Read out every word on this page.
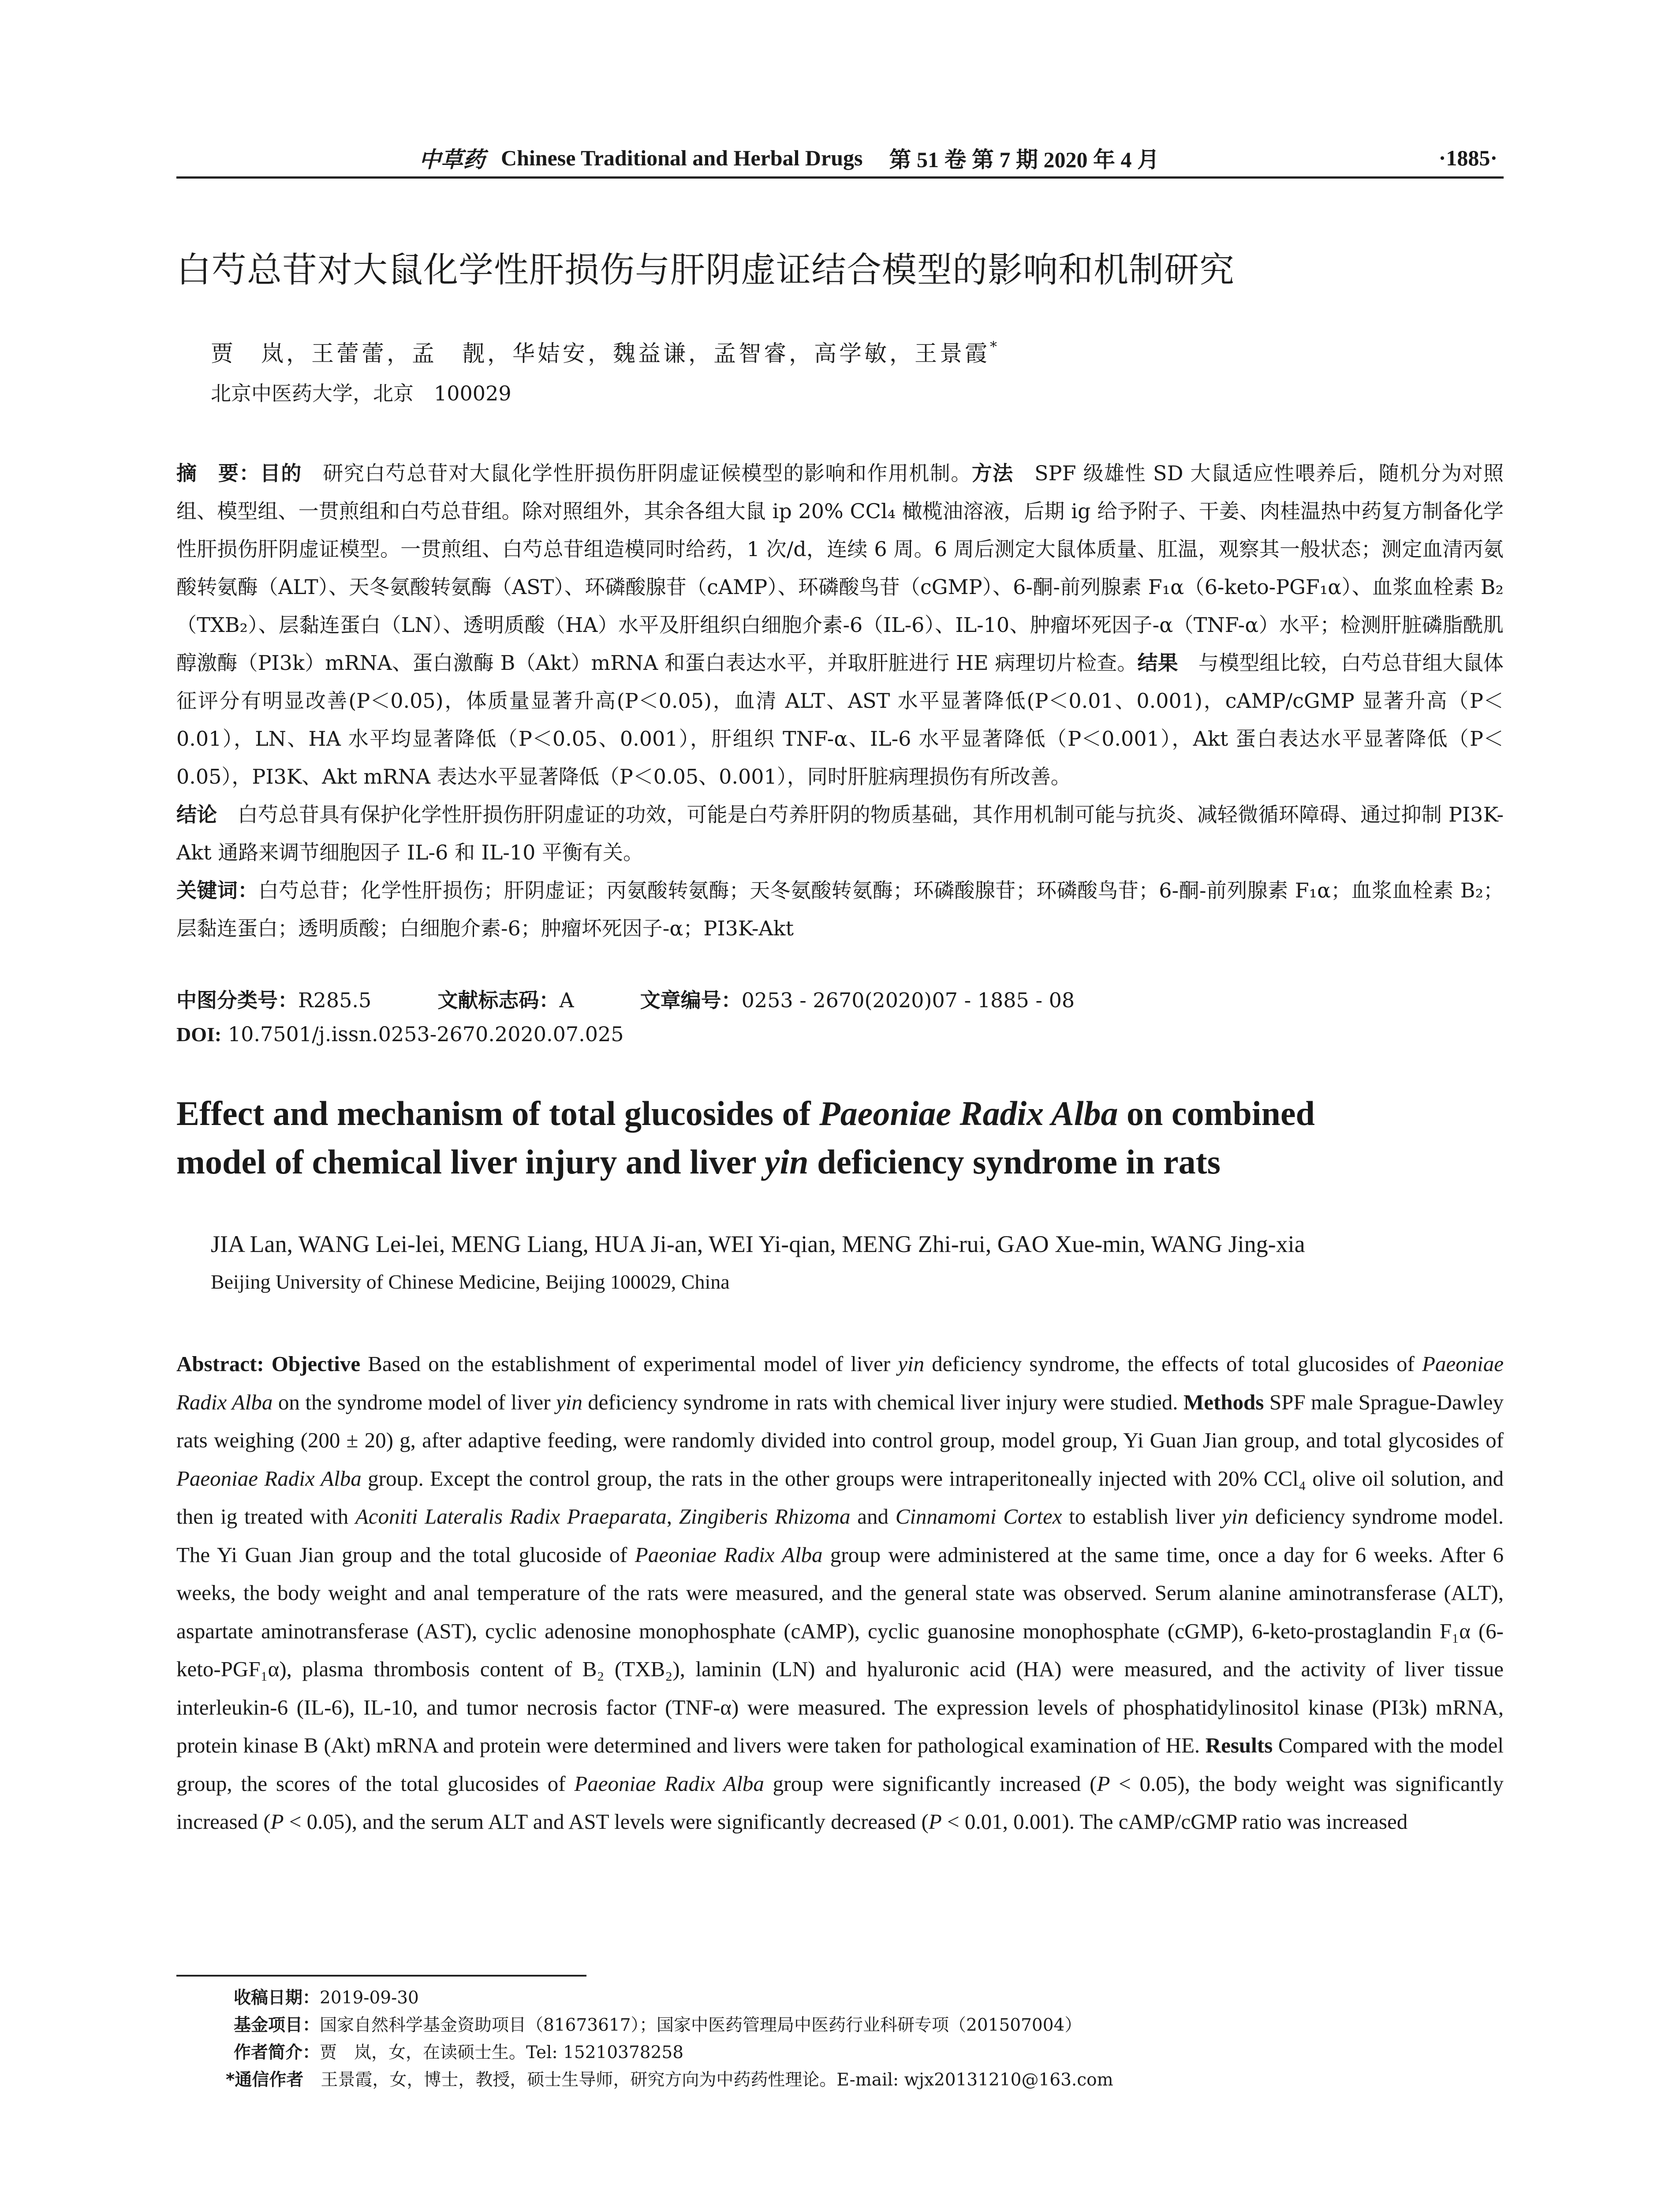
中草药 Chinese Traditional and Herbal Drugs 第 51 卷 第 7 期 2020 年 4 月	·1885·
白芍总苷对大鼠化学性肝损伤与肝阴虚证结合模型的影响和机制研究
贾　岚，王蕾蕾，孟　靓，华姞安，魏益谦，孟智睿，高学敏，王景霞*
北京中医药大学，北京　100029

摘　要：目的　研究白芍总苷对大鼠化学性肝损伤肝阴虚证候模型的影响和作用机制。方法　SPF 级雄性 SD 大鼠适应性喂养后，随机分为对照组、模型组、一贯煎组和白芍总苷组。除对照组外，其余各组大鼠 ip 20% CCl₄ 橄榄油溶液，后期 ig 给予附子、干姜、肉桂温热中药复方制备化学性肝损伤肝阴虚证模型。一贯煎组、白芍总苷组造模同时给药，1 次/d，连续 6 周。6 周后测定大鼠体质量、肛温，观察其一般状态；测定血清丙氨酸转氨酶（ALT）、天冬氨酸转氨酶（AST）、环磷酸腺苷（cAMP）、环磷酸鸟苷（cGMP）、6-酮-前列腺素 F₁α（6-keto-PGF₁α）、血浆血栓素 B₂（TXB₂）、层黏连蛋白（LN）、透明质酸（HA）水平及肝组织白细胞介素-6（IL-6）、IL-10、肿瘤坏死因子-α（TNF-α）水平；检测肝脏磷脂酰肌醇激酶（PI3k）mRNA、蛋白激酶 B（Akt）mRNA 和蛋白表达水平，并取肝脏进行 HE 病理切片检查。结果　与模型组比较，白芍总苷组大鼠体征评分有明显改善(P＜0.05)，体质量显著升高(P＜0.05)，血清 ALT、AST 水平显著降低(P＜0.01、0.001)，cAMP/cGMP 显著升高（P＜0.01），LN、HA 水平均显著降低（P＜0.05、0.001），肝组织 TNF-α、IL-6 水平显著降低（P＜0.001），Akt 蛋白表达水平显著降低（P＜0.05），PI3K、Akt mRNA 表达水平显著降低（P＜0.05、0.001），同时肝脏病理损伤有所改善。

结论　白芍总苷具有保护化学性肝损伤肝阴虚证的功效，可能是白芍养肝阴的物质基础，其作用机制可能与抗炎、减轻微循环障碍、通过抑制 PI3K-Akt 通路来调节细胞因子 IL-6 和 IL-10 平衡有关。

关键词：白芍总苷；化学性肝损伤；肝阴虚证；丙氨酸转氨酶；天冬氨酸转氨酶；环磷酸腺苷；环磷酸鸟苷；6-酮-前列腺素 F₁α；血浆血栓素 B₂；层黏连蛋白；透明质酸；白细胞介素-6；肿瘤坏死因子-α；PI3K-Akt

中图分类号：R285.5	文献标志码：A	文章编号：0253 - 2670(2020)07 - 1885 - 08
DOI: 10.7501/j.issn.0253-2670.2020.07.025

Effect and mechanism of total glucosides of Paeoniae Radix Alba on combined

model of chemical liver injury and liver yin deficiency syndrome in rats

JIA Lan, WANG Lei-lei, MENG Liang, HUA Ji-an, WEI Yi-qian, MENG Zhi-rui, GAO Xue-min, WANG Jing-xia
Beijing University of Chinese Medicine, Beijing 100029, China
Abstract: Objective Based on the establishment of experimental model of liver yin deficiency syndrome, the effects of total glucosides of Paeoniae Radix Alba on the syndrome model of liver yin deficiency syndrome in rats with chemical liver injury were studied. Methods SPF male Sprague-Dawley rats weighing (200 ± 20) g, after adaptive feeding, were randomly divided into control group, model group, Yi Guan Jian group, and total glycosides of Paeoniae Radix Alba group. Except the control group, the rats in the other groups were intraperitoneally injected with 20% CCl₄ olive oil solution, and then ig treated with Aconiti Lateralis Radix Praeparata, Zingiberis Rhizoma and Cinnamomi Cortex to establish liver yin deficiency syndrome model. The Yi Guan Jian group and the total glucoside of Paeoniae Radix Alba group were administered at the same time, once a day for 6 weeks. After 6 weeks, the body weight and anal temperature of the rats were measured, and the general state was observed. Serum alanine aminotransferase (ALT), aspartate aminotransferase (AST), cyclic adenosine monophosphate (cAMP), cyclic guanosine monophosphate (cGMP), 6-keto-prostaglandin F₁α (6-keto-PGF₁α), plasma thrombosis content of B₂ (TXB₂), laminin (LN) and hyaluronic acid (HA) were measured, and the activity of liver tissue interleukin-6 (IL-6), IL-10, and tumor necrosis factor (TNF-α) were measured. The expression levels of phosphatidylinositol kinase (PI3k) mRNA, protein kinase B (Akt) mRNA and protein were determined and livers were taken for pathological examination of HE. Results Compared with the model group, the scores of the total glucosides of Paeoniae Radix Alba group were significantly increased (P < 0.05), the body weight was significantly increased (P < 0.05), and the serum ALT and AST levels were significantly decreased (P < 0.01, 0.001). The cAMP/cGMP ratio was increased

收稿日期：2019-09-30

基金项目：国家自然科学基金资助项目（81673617）；国家中医药管理局中医药行业科研专项（201507004）

作者简介：贾　岚，女，在读硕士生。Tel: 15210378258

*通信作者　王景霞，女，博士，教授，硕士生导师，研究方向为中药药性理论。E-mail: wjx20131210@163.com
